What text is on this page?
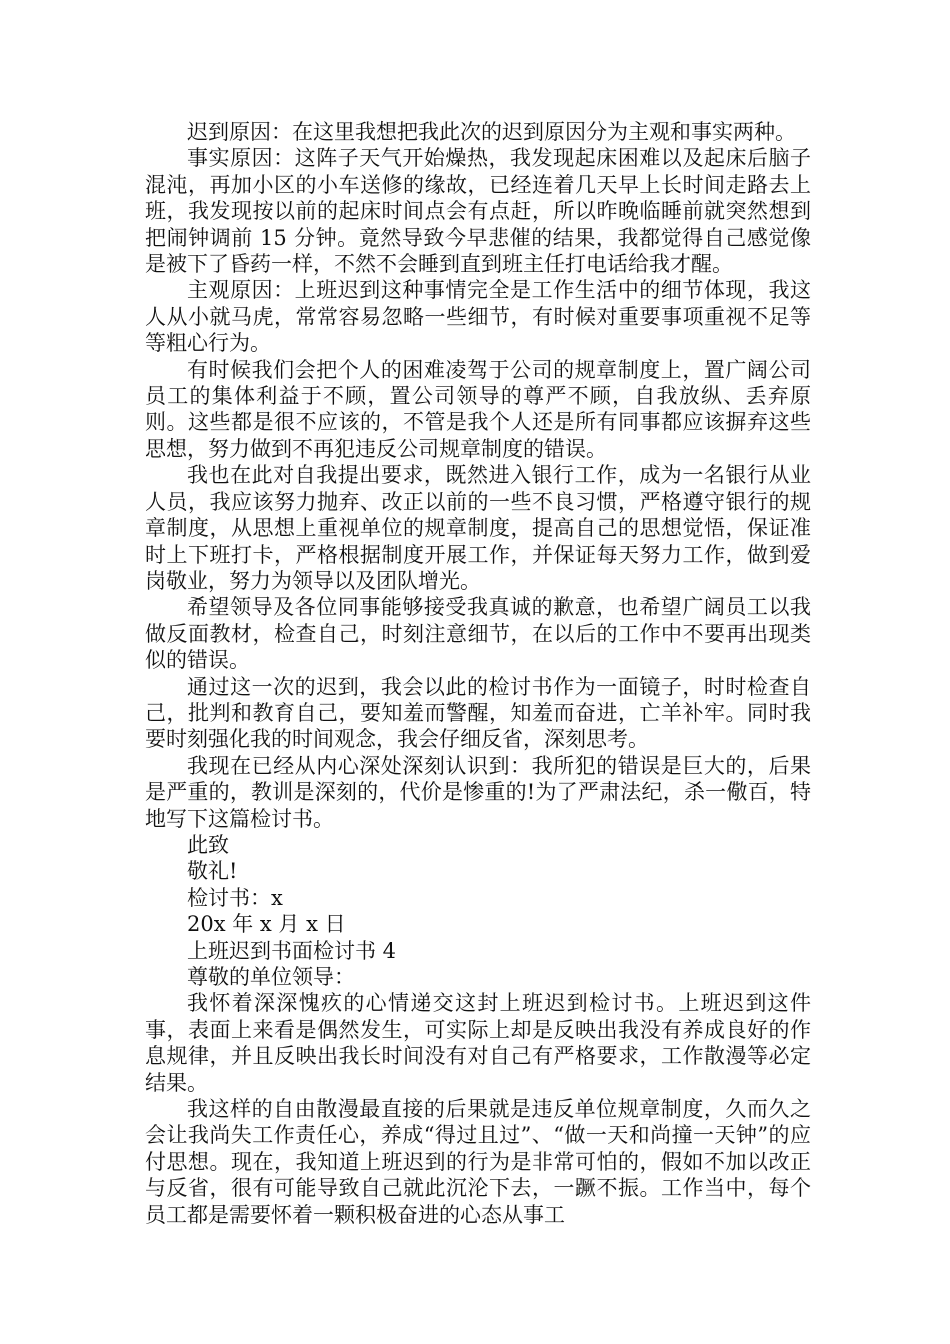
迟到原因：在这里我想把我此次的迟到原因分为主观和事实两种。

事实原因：这阵子天气开始燥热，我发现起床困难以及起床后脑子混沌，再加小区的小车送修的缘故，已经连着几天早上长时间走路去上班，我发现按以前的起床时间点会有点赶，所以昨晚临睡前就突然想到把闹钟调前 15 分钟。竟然导致今早悲催的结果，我都觉得自己感觉像是被下了昏药一样，不然不会睡到直到班主任打电话给我才醒。

主观原因：上班迟到这种事情完全是工作生活中的细节体现，我这人从小就马虎，常常容易忽略一些细节，有时候对重要事项重视不足等等粗心行为。

有时候我们会把个人的困难凌驾于公司的规章制度上，置广阔公司员工的集体利益于不顾，置公司领导的尊严不顾，自我放纵、丢弃原则。这些都是很不应该的，不管是我个人还是所有同事都应该摒弃这些思想，努力做到不再犯违反公司规章制度的错误。

我也在此对自我提出要求，既然进入银行工作，成为一名银行从业人员，我应该努力抛弃、改正以前的一些不良习惯，严格遵守银行的规章制度，从思想上重视单位的规章制度，提高自己的思想觉悟，保证准时上下班打卡，严格根据制度开展工作，并保证每天努力工作，做到爱岗敬业，努力为领导以及团队增光。

希望领导及各位同事能够接受我真诚的歉意，也希望广阔员工以我做反面教材，检查自己，时刻注意细节，在以后的工作中不要再出现类似的错误。

通过这一次的迟到，我会以此的检讨书作为一面镜子，时时检查自己，批判和教育自己，要知羞而警醒，知羞而奋进，亡羊补牢。同时我要时刻强化我的时间观念，我会仔细反省，深刻思考。

我现在已经从内心深处深刻认识到：我所犯的错误是巨大的，后果是严重的，教训是深刻的，代价是惨重的!为了严肃法纪，杀一儆百，特地写下这篇检讨书。

此致

敬礼!

检讨书：x

20x 年 x 月 x 日

上班迟到书面检讨书 4

尊敬的单位领导：

我怀着深深愧疚的心情递交这封上班迟到检讨书。上班迟到这件事，表面上来看是偶然发生，可实际上却是反映出我没有养成良好的作息规律，并且反映出我长时间没有对自己有严格要求，工作散漫等必定结果。

我这样的自由散漫最直接的后果就是违反单位规章制度，久而久之会让我尚失工作责任心，养成“得过且过”、“做一天和尚撞一天钟”的应付思想。现在，我知道上班迟到的行为是非常可怕的，假如不加以改正与反省，很有可能导致自己就此沉沦下去，一蹶不振。工作当中，每个员工都是需要怀着一颗积极奋进的心态从事工
